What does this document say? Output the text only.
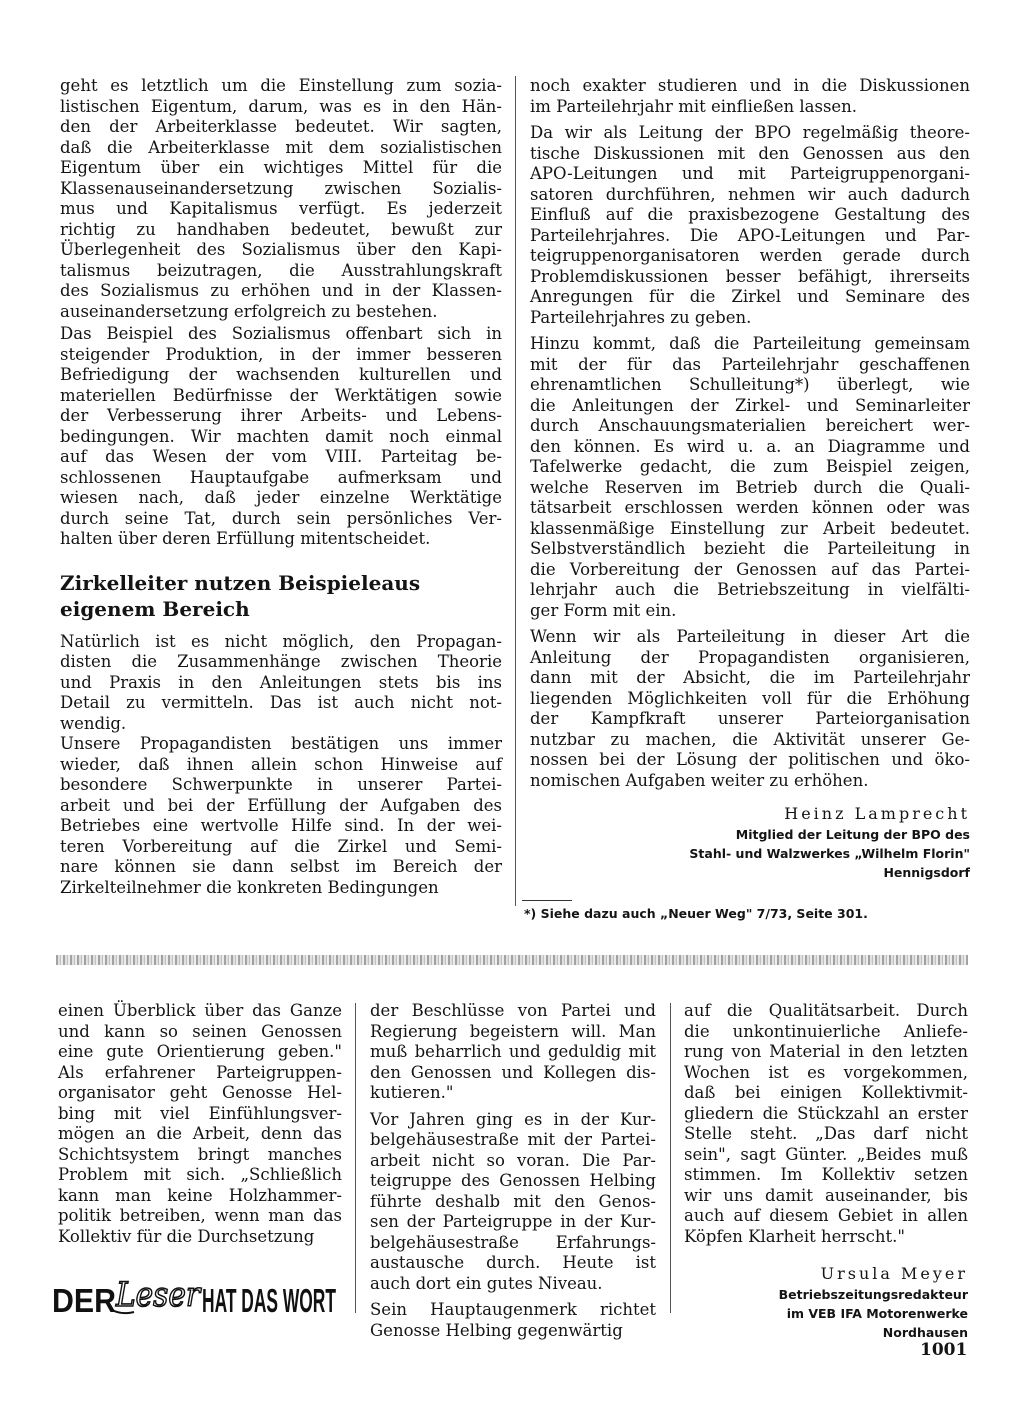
geht es letztlich um die Einstellung zum sozia-
listischen Eigentum, darum, was es in den Hän-
den der Arbeiterklasse bedeutet. Wir sagten,
daß die Arbeiterklasse mit dem sozialistischen
Eigentum über ein wichtiges Mittel für die
Klassenauseinandersetzung zwischen Sozialis-
mus und Kapitalismus verfügt. Es jederzeit
richtig zu handhaben bedeutet, bewußt zur
Überlegenheit des Sozialismus über den Kapi-
talismus beizutragen, die Ausstrahlungskraft
des Sozialismus zu erhöhen und in der Klassen-
auseinandersetzung erfolgreich zu bestehen.

Das Beispiel des Sozialismus offenbart sich in
steigender Produktion, in der immer besseren
Befriedigung der wachsenden kulturellen und
materiellen Bedürfnisse der Werktätigen sowie
der Verbesserung ihrer Arbeits- und Lebens-
bedingungen. Wir machten damit noch einmal
auf das Wesen der vom VIII. Parteitag be-
schlossenen Hauptaufgabe aufmerksam und
wiesen nach, daß jeder einzelne Werktätige
durch seine Tat, durch sein persönliches Ver-
halten über deren Erfüllung mitentscheidet.

Zirkelleiter nutzen Beispieleaus eigenem Bereich

Natürlich ist es nicht möglich, den Propagan-
disten die Zusammenhänge zwischen Theorie
und Praxis in den Anleitungen stets bis ins
Detail zu vermitteln. Das ist auch nicht not-
wendig.

Unsere Propagandisten bestätigen uns immer
wieder, daß ihnen allein schon Hinweise auf
besondere Schwerpunkte in unserer Partei-
arbeit und bei der Erfüllung der Aufgaben des
Betriebes eine wertvolle Hilfe sind. In der wei-
teren Vorbereitung auf die Zirkel und Semi-
nare können sie dann selbst im Bereich der
Zirkelteilnehmer die konkreten Bedingungen

noch exakter studieren und in die Diskussionen
im Parteilehrjahr mit einfließen lassen.

Da wir als Leitung der BPO regelmäßig theore-
tische Diskussionen mit den Genossen aus den
APO-Leitungen und mit Parteigruppenorgani-
satoren durchführen, nehmen wir auch dadurch
Einfluß auf die praxisbezogene Gestaltung des
Parteilehrjahres. Die APO-Leitungen und Par-
teigruppenorganisatoren werden gerade durch
Problemdiskussionen besser befähigt, ihrerseits
Anregungen für die Zirkel und Seminare des
Parteilehrjahres zu geben.

Hinzu kommt, daß die Parteileitung gemeinsam
mit der für das Parteilehrjahr geschaffenen
ehrenamtlichen Schulleitung*) überlegt, wie
die Anleitungen der Zirkel- und Seminarleiter
durch Anschauungsmaterialien bereichert wer-
den können. Es wird u. a. an Diagramme und
Tafelwerke gedacht, die zum Beispiel zeigen,
welche Reserven im Betrieb durch die Quali-
tätsarbeit erschlossen werden können oder was
klassenmäßige Einstellung zur Arbeit bedeutet.
Selbstverständlich bezieht die Parteileitung in
die Vorbereitung der Genossen auf das Partei-
lehrjahr auch die Betriebszeitung in vielfälti-
ger Form mit ein.

Wenn wir als Parteileitung in dieser Art die
Anleitung der Propagandisten organisieren,
dann mit der Absicht, die im Parteilehrjahr
liegenden Möglichkeiten voll für die Erhöhung
der Kampfkraft unserer Parteiorganisation
nutzbar zu machen, die Aktivität unserer Ge-
nossen bei der Lösung der politischen und öko-
nomischen Aufgaben weiter zu erhöhen.

Heinz Lamprecht

Mitglied der Leitung der BPO des
Stahl- und Walzwerkes „Wilhelm Florin"
Hennigsdorf
*) Siehe dazu auch „Neuer Weg" 7/73, Seite 301.

einen Überblick über das Ganze
und kann so seinen Genossen
eine gute Orientierung geben."
Als erfahrener Parteigruppen-
organisator geht Genosse Hel-
bing mit viel Einfühlungsver-
mögen an die Arbeit, denn das
Schichtsystem bringt manches
Problem mit sich. „Schließlich
kann man keine Holzhammer-
politik betreiben, wenn man das
Kollektiv für die Durchsetzung

der Beschlüsse von Partei und
Regierung begeistern will. Man
muß beharrlich und geduldig mit
den Genossen und Kollegen dis-
kutieren."

Vor Jahren ging es in der Kur-
belgehäusestraße mit der Partei-
arbeit nicht so voran. Die Par-
teigruppe des Genossen Helbing
führte deshalb mit den Genos-
sen der Parteigruppe in der Kur-
belgehäusestraße Erfahrungs-
austausche durch. Heute ist
auch dort ein gutes Niveau.

Sein Hauptaugenmerk richtet
Genosse Helbing gegenwärtig

auf die Qualitätsarbeit. Durch
die unkontinuierliche Anliefe-
rung von Material in den letzten
Wochen ist es vorgekommen,
daß bei einigen Kollektivmit-
gliedern die Stückzahl an erster
Stelle steht. „Das darf nicht
sein", sagt Günter. „Beides muß
stimmen. Im Kollektiv setzen
wir uns damit auseinander, bis
auch auf diesem Gebiet in allen
Köpfen Klarheit herrscht."

Ursula Meyer

Betriebszeitungsredakteur
im VEB IFA Motorenwerke
Nordhausen
DER
Leser HAT DAS WORT
1001
